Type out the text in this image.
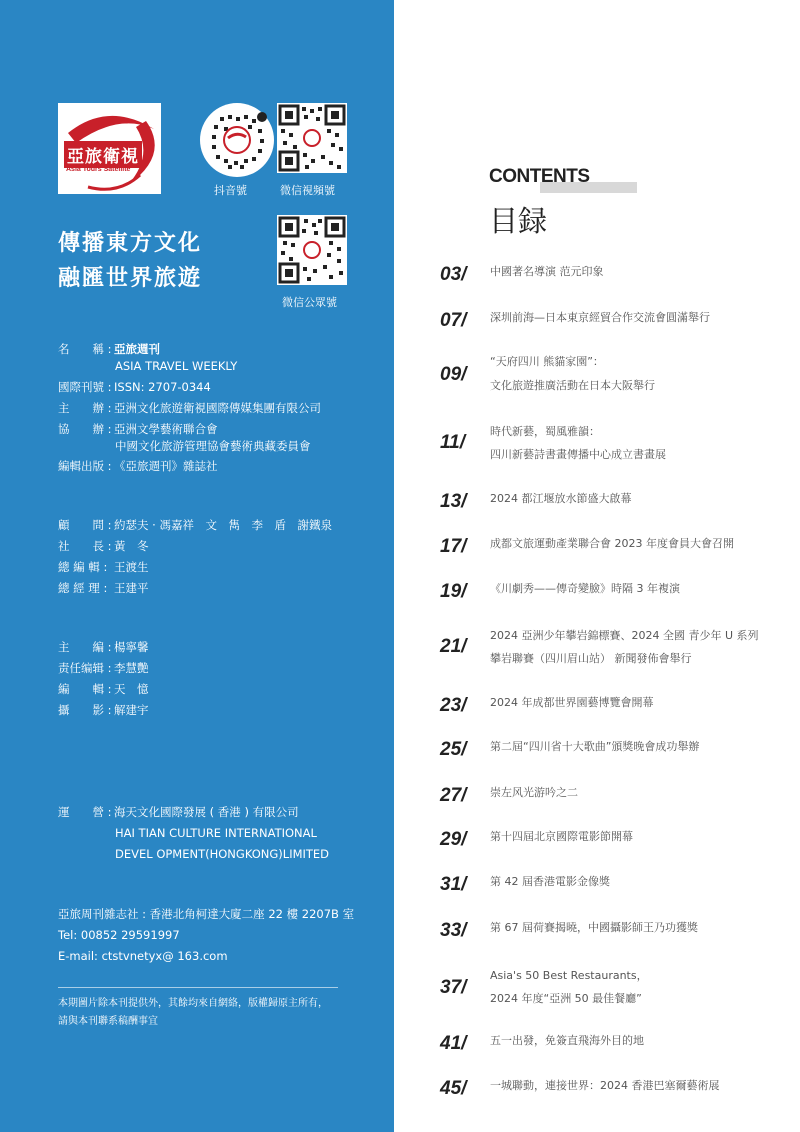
亞旅衛視
Asia Tours Satellite
抖音號	微信視頻號
微信公眾號
傳播東方文化
融匯世界旅遊
名　　稱 : 亞旅週刊
ASIA TRAVEL WEEKLY
國際刊號 : ISSN: 2707-0344
主　　辦 : 亞洲文化旅遊衛視國際傳媒集團有限公司
協　　辦 : 亞洲文學藝術聯合會
中國文化旅游管理協會藝術典藏委員會
編輯出版 : 《亞旅週刊》雜誌社
顧　　問 : 約瑟夫 · 馮嘉祥　文　雋　李　盾　謝鐵泉
社　　長 : 黃　冬
總 編 輯 : 王渡生
總 經 理 : 王建平
主　　編 : 楊寧馨
责任编辑 : 李慧艷
編　　輯 : 天　憶
攝　　影 : 解建宇
運　　營 : 海天文化國際發展 ( 香港 ) 有限公司
HAI TIAN CULTURE INTERNATIONAL
DEVEL OPMENT(HONGKONG)LIMITED
亞旅周刊雜志社 : 香港北角柯達大廈二座 22 樓 2207B 室
Tel: 00852 29591997
E-mail: ctstvnetyx@ 163.com
本期圖片除本刊提供外，其餘均來自網絡，版權歸原主所有，
請與本刊聯系稿酬事宜
CONTENTS
目録
03/ 中國著名導演 范元印象
07/ 深圳前海—日本東京經貿合作交流會圓滿舉行
09/
“天府四川 熊貓家園”：
文化旅遊推廣活動在日本大阪舉行
11/
時代新藝，蜀風雅韻：
四川新藝詩書畫傳播中心成立書畫展
13/ 2024 都江堰放水節盛大啟幕
17/ 成都文旅運動產業聯合會 2023 年度會員大會召開
19/ 《川劇秀——傳奇變臉》時隔 3 年複演
21/
2024 亞洲少年攀岩錦標賽、2024 全國 青少年 U 系列
攀岩聯賽（四川眉山站） 新聞發佈會舉行
23/ 2024 年成都世界園藝博覽會開幕
25/ 第二屆“四川省十大歌曲”頒獎晚會成功舉辦
27/ 崇左风光游吟之二
29/ 第十四屆北京國際電影節開幕
31/ 第 42 屆香港電影金像獎
33/ 第 67 屆荷賽揭曉，中國攝影師王乃功獲獎
37/
Asia's 50 Best Restaurants，
2024 年度“亞洲 50 最佳餐廳”
41/ 五一出發，免簽直飛海外目的地
45/ 一城聯動，連接世界：2024 香港巴塞爾藝術展
